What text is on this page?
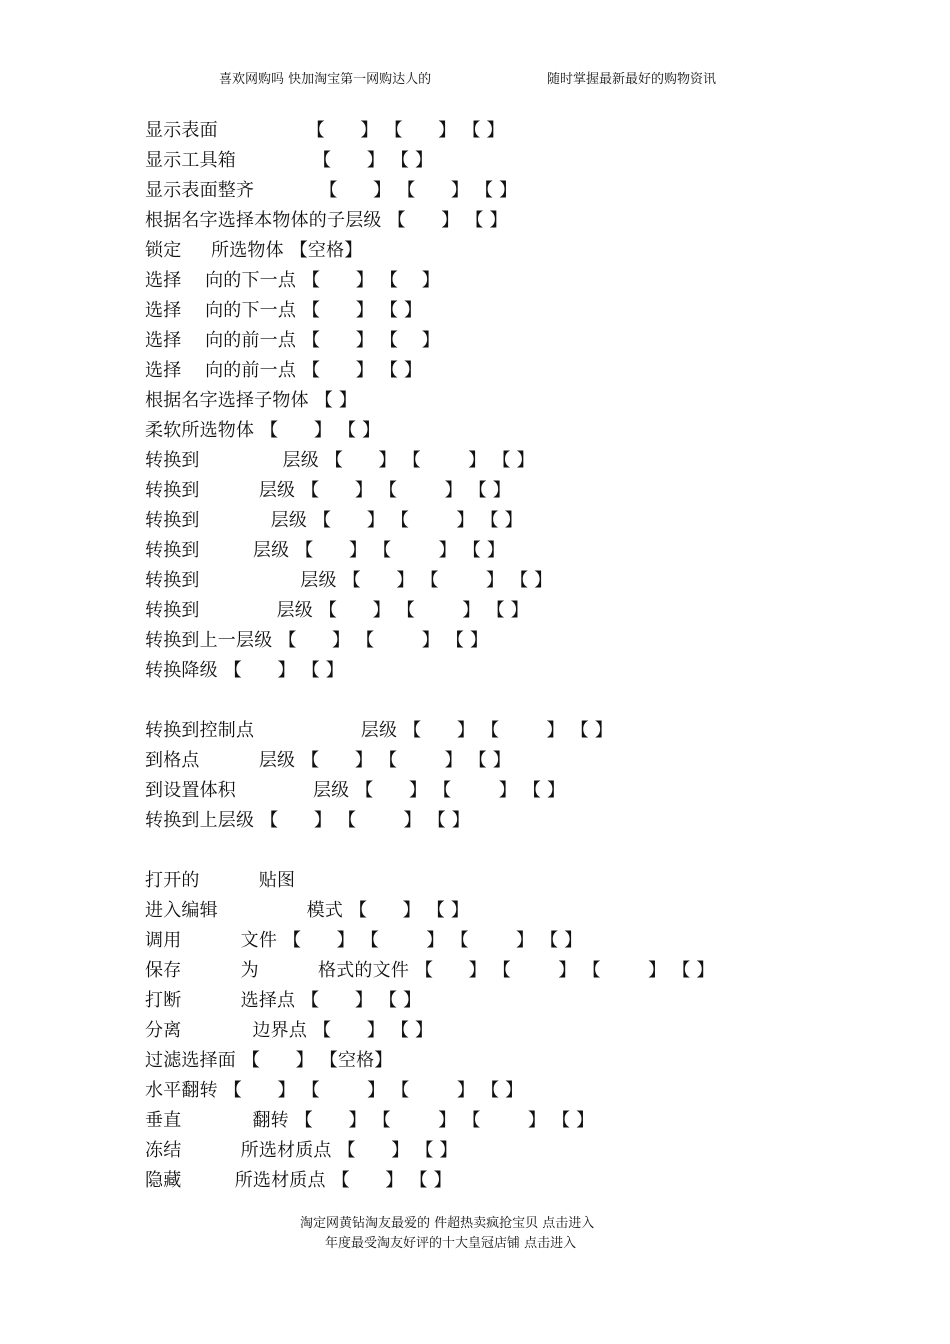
喜欢网购吗 快加淘宝第一网购达人的	随时掌握最新最好的购物资讯
显示表面               【      】 【      】 【 】
显示工具箱             【      】 【 】
显示表面整齐           【      】 【      】 【 】
根据名字选择本物体的子层级 【      】 【 】
锁定     所选物体 【空格】
选择    向的下一点 【      】 【    】
选择    向的下一点 【      】 【 】
选择    向的前一点 【      】 【    】
选择    向的前一点 【      】 【 】
根据名字选择子物体 【 】
柔软所选物体 【      】 【 】
转换到              层级 【      】 【        】 【 】
转换到          层级 【      】 【        】 【 】
转换到            层级 【      】 【        】 【 】
转换到         层级 【      】 【        】 【 】
转换到                 层级 【      】 【        】 【 】
转换到             层级 【      】 【        】 【 】
转换到上一层级 【      】 【        】 【 】
转换降级 【      】 【 】
转换到控制点                  层级 【      】 【        】 【 】
到格点          层级 【      】 【        】 【 】
到设置体积             层级 【      】 【        】 【 】
转换到上层级 【      】 【        】 【 】
打开的          贴图
进入编辑               模式 【      】 【 】
调用          文件 【      】 【        】 【        】 【 】
保存          为          格式的文件 【      】 【        】 【        】 【 】
打断          选择点 【      】 【 】
分离            边界点 【      】 【 】
过滤选择面 【      】 【空格】
水平翻转 【      】 【        】 【        】 【 】
垂直            翻转 【      】 【        】 【        】 【 】
冻结          所选材质点 【      】 【 】
隐藏         所选材质点 【      】 【 】
淘定网黄钻淘友最爱的 件超热卖疯抢宝贝 点击进入
年度最受淘友好评的十大皇冠店铺 点击进入
